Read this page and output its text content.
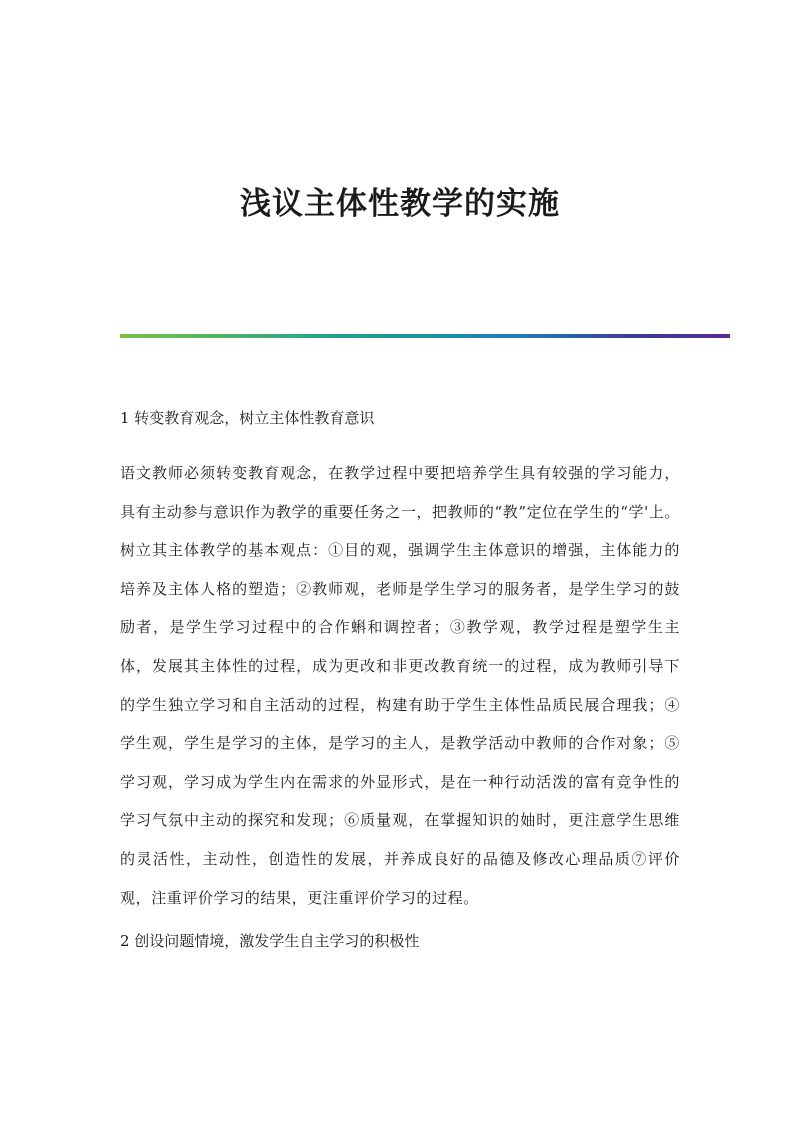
浅议主体性教学的实施

1 转变教育观念，树立主体性教育意识

语文教师必须转变教育观念，在教学过程中要把培养学生具有较强的学习能力，具有主动参与意识作为教学的重要任务之一，把教师的“教”定位在学生的“学'上。树立其主体教学的基本观点：①目的观，强调学生主体意识的增强，主体能力的培养及主体人格的塑造；②教师观，老师是学生学习的服务者，是学生学习的鼓励者，是学生学习过程中的合作蝌和调控者；③教学观，教学过程是塑学生主体，发展其主体性的过程，成为更改和非更改教育统一的过程，成为教师引导下的学生独立学习和自主活动的过程，构建有助于学生主体性品质民展合理我；④学生观，学生是学习的主体，是学习的主人，是教学活动中教师的合作对象；⑤学习观，学习成为学生内在需求的外显形式，是在一种行动活泼的富有竞争性的学习气氛中主动的探究和发现；⑥质量观，在掌握知识的妯时，更注意学生思维的灵活性，主动性，创造性的发展，并养成良好的品德及修改心理品质⑦评价观，注重评价学习的结果，更注重评价学习的过程。

2 创设问题情境，激发学生自主学习的积极性
